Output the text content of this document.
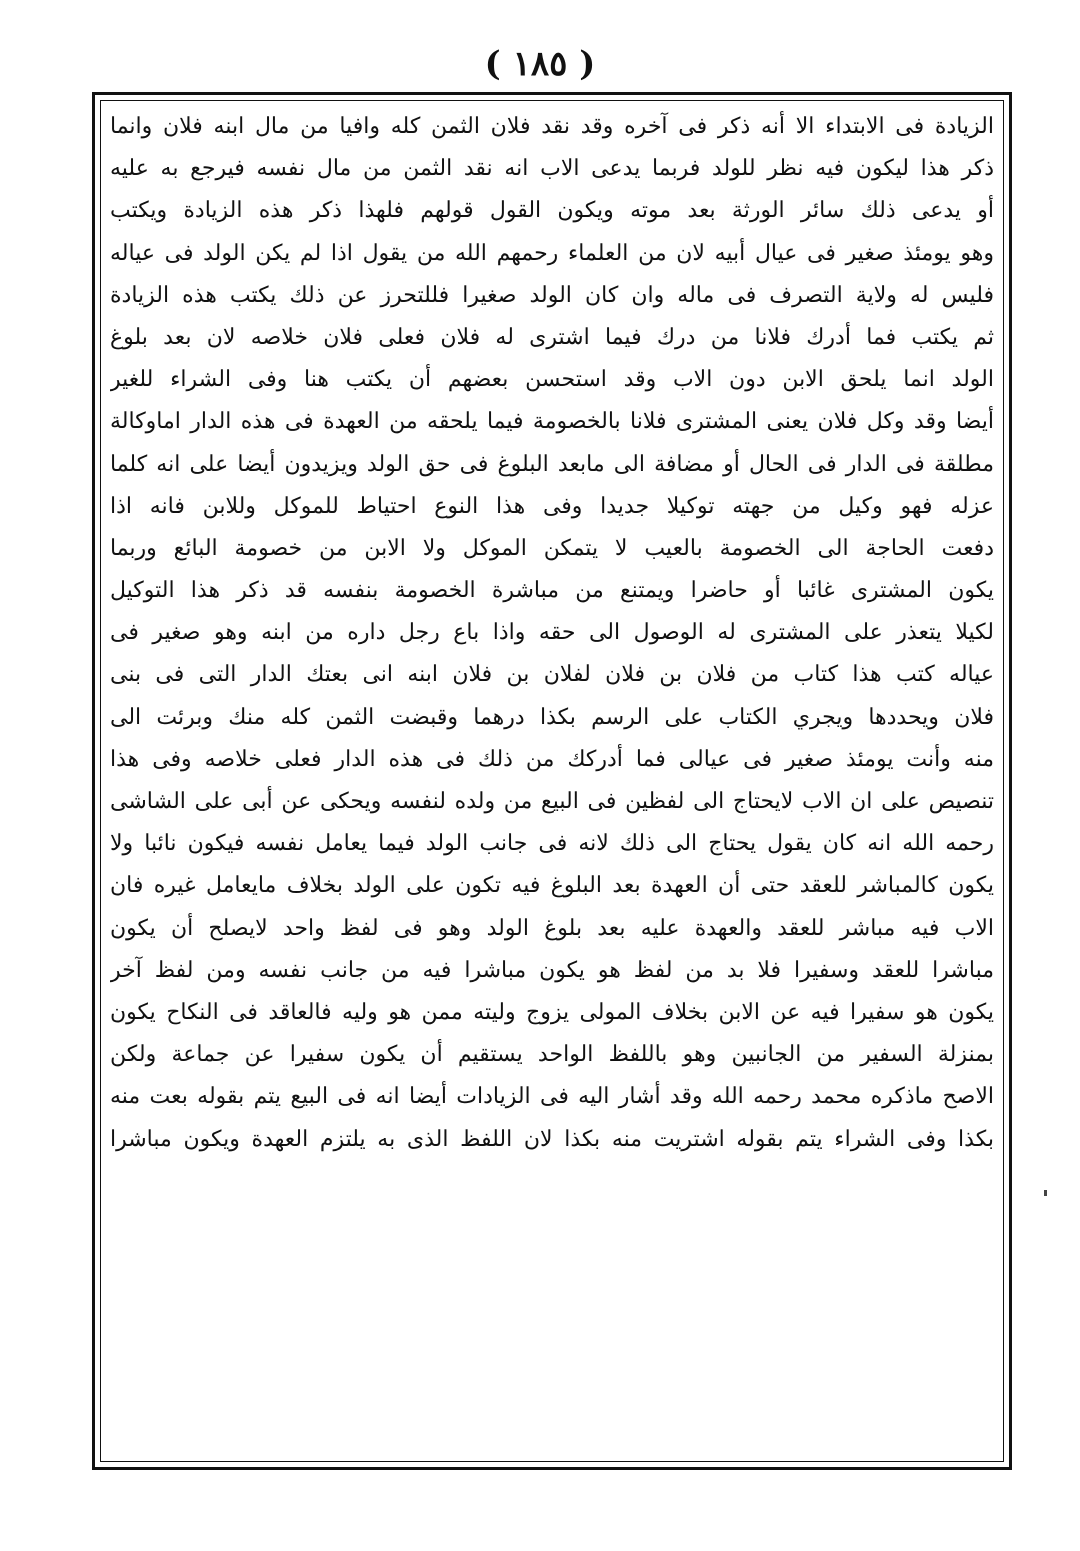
( ١٨٥ )
الزيادة فى الابتداء الا أنه ذكر فى آخره وقد نقد فلان الثمن كله وافيا من مال ابنه فلان وانما
ذكر هذا ليكون فيه نظر للولد فربما يدعى الاب انه نقد الثمن من مال نفسه فيرجع به عليه
أو يدعى ذلك سائر الورثة بعد موته ويكون القول قولهم فلهذا ذكر هذه الزيادة ويكتب
وهو يومئذ صغير فى عيال أبيه لان من العلماء رحمهم الله من يقول اذا لم يكن الولد فى عياله
فليس له ولاية التصرف فى ماله وان كان الولد صغيرا فللتحرز عن ذلك يكتب هذه الزيادة
ثم يكتب فما أدرك فلانا من درك فيما اشترى له فلان فعلى فلان خلاصه لان بعد بلوغ
الولد انما يلحق الابن دون الاب وقد استحسن بعضهم أن يكتب هنا وفى الشراء للغير
أيضا وقد وكل فلان يعنى المشترى فلانا بالخصومة فيما يلحقه من العهدة فى هذه الدار اماوكالة
مطلقة فى الدار فى الحال أو مضافة الى مابعد البلوغ فى حق الولد ويزيدون أيضا على انه كلما
عزله فهو وكيل من جهته توكيلا جديدا وفى هذا النوع احتياط للموكل وللابن فانه اذا
دفعت الحاجة الى الخصومة بالعيب لا يتمكن الموكل ولا الابن من خصومة البائع وربما
يكون المشترى غائبا أو حاضرا ويمتنع من مباشرة الخصومة بنفسه قد ذكر هذا التوكيل
لكيلا يتعذر على المشترى له الوصول الى حقه واذا باع رجل داره من ابنه وهو صغير فى
عياله كتب هذا كتاب من فلان بن فلان لفلان بن فلان ابنه انى بعتك الدار التى فى بنى
فلان ويحددها ويجري الكتاب على الرسم بكذا درهما وقبضت الثمن كله منك وبرئت الى
منه وأنت يومئذ صغير فى عيالى فما أدركك من ذلك فى هذه الدار فعلى خلاصه وفى هذا
تنصيص على ان الاب لايحتاج الى لفظين فى البيع من ولده لنفسه ويحكى عن أبى على الشاشى
رحمه الله انه كان يقول يحتاج الى ذلك لانه فى جانب الولد فيما يعامل نفسه فيكون نائبا ولا
يكون كالمباشر للعقد حتى أن العهدة بعد البلوغ فيه تكون على الولد بخلاف مايعامل غيره فان
الاب فيه مباشر للعقد والعهدة عليه بعد بلوغ الولد وهو فى لفظ واحد لايصلح أن يكون
مباشرا للعقد وسفيرا فلا بد من لفظ هو يكون مباشرا فيه من جانب نفسه ومن لفظ آخر
يكون هو سفيرا فيه عن الابن بخلاف المولى يزوج وليته ممن هو وليه فالعاقد فى النكاح يكون
بمنزلة السفير من الجانبين وهو باللفظ الواحد يستقيم أن يكون سفيرا عن جماعة ولكن
الاصح ماذكره محمد رحمه الله وقد أشار اليه فى الزيادات أيضا انه فى البيع يتم بقوله بعت منه
بكذا وفى الشراء يتم بقوله اشتريت منه بكذا لان اللفظ الذى به يلتزم العهدة ويكون مباشرا
